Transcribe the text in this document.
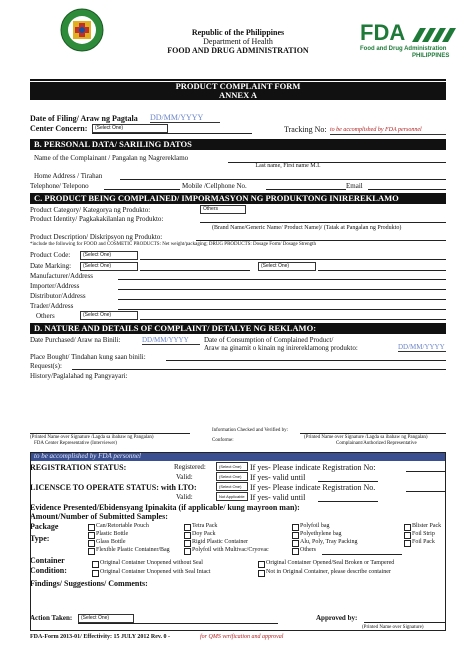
Republic of the Philippines
Department of Health
FOOD AND DRUG ADMINISTRATION
FDA
Food and Drug Administration
PHILIPPINES
PRODUCT COMPLAINT FORM
ANNEX A
Date of Filing/ Araw ng Pagtala DD/MM/YYYY
Center Concern:	(Select One)	Tracking No: to be accomplished by FDA personnel
B. PERSONAL DATA/ SARILING DATOS
Name of the Complainant / Pangalan ng Nagrereklamo
Last name, First name M.I.
Home Address / Tirahan
Telephone/ Telepono	Mobile /Cellphone No.	Email
C. PRODUCT BEING COMPLAINED/ IMPORMASYON NG PRODUKTONG INIREREKLAMO
Product Category/ Kategorya ng Produkto:	Others
Product Identity/ Pagkakakilanlan ng Produkto:
(Brand Name/Generic Name/ Product Name)/ (Tatak at Pangalan ng Produkto)
Product Description/ Diskripsyon ng Produkto:
*include the following for FOOD and COSMETIC PRODUCTS: Net weight/packaging; DRUG PRODUCTS: Dosage Form/ Dosage Strength
Product Code:	(Select One)
Date Marking:	(Select One)	(Select One)
Manufacturer/Address
Importer/Address
Distributor/Address
Trader/Address
Others	(Select One)
D. NATURE AND DETAILS OF COMPLAINT/ DETALYE NG REKLAMO:
Date Purchased/ Araw na Binili:	DD/MM/YYYY	Date of Consumption of Complained Product/
Araw na ginamit o kinain ng inirereklamong produkto:	DD/MM/YYYY
Place Bought/ Tindahan kung saan binili:
Request(s):
History/Paglalahad ng Pangyayari:
(Printed Name over Signature /Lagda sa ibabaw ng Pangalan)
FDA Center Representative (Interviewer)
Information Checked and Verified by:
Conforme:
(Printed Name over Signature /Lagda sa ibabaw ng Pangalan)
Complainant/Authorized Representative
to be accomplished by FDA personnel
REGISTRATION STATUS:	Registered:	(Select One)	If yes- Please indicate Registration No:
Valid:	(Select One)	If yes- valid until
LICENSCE TO OPERATE STATUS: with LTO:	(Select One)	If yes- Please indicate Registration No.
Valid:	Not Applicable If yes- valid until
Evidence Presented/Ebidensyang Ipinakita (if applicable/ kung mayroon man):
Amount/Number of Submitted Samples:
Package
Type:
Can/Retortable Pouch	Tetra Pack	Polyfoil bag	Blister Pack
Plastic Bottle	Doy Pack	Polyethylene bag	Foil Strip
Glass Bottle	Rigid Plastic Container	Alu, Poly, Tray Packing	Foil Pack
Flexible Plastic Container/Bag	Polyfoil with Multivac/Cryovac	Others
Container
Condition:
Original Container Unopened without Seal	Original Container Opened/Seal Broken or Tampered
Original Container Unopened with Seal Intact	Not in Original Container, please describe container
Findings/ Suggestions/ Comments:
Action Taken:	(Select One)	Approved by:
(Printed Name over Signature)
FDA-Form 2013-01/ Effectivity: 15 JULY 2012 Rev. 0 -	for QMS verification and approval
